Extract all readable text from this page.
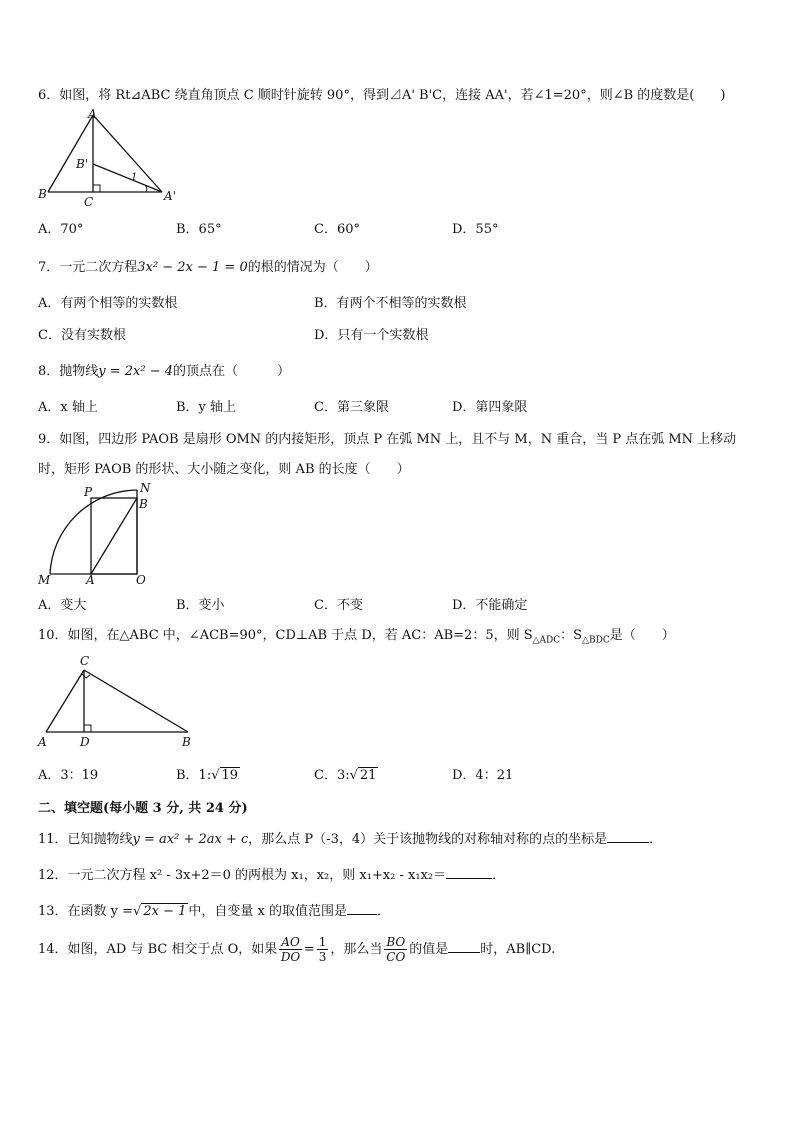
6．如图，将 Rt⊿ABC 绕直角顶点 C 顺时针旋转 90°，得到⊿A' B'C，连接 AA'，若∠1=20°，则∠B 的度数是(　　)
A
B
C
B'
A'
1
A．70°	B．65°	C．60°	D．55°
7．一元二次方程3x² − 2x − 1 = 0的根的情况为（　　）
A．有两个相等的实数根	B．有两个不相等的实数根
C．没有实数根	D．只有一个实数根
8．抛物线y = 2x² − 4的顶点在（　　　）
A．x 轴上	B．y 轴上	C．第三象限	D．第四象限
9．如图，四边形 PAOB 是扇形 OMN 的内接矩形，顶点 P 在弧 MN 上，且不与 M，N 重合，当 P 点在弧 MN 上移动
时，矩形 PAOB 的形状、大小随之变化，则 AB 的长度（　　）
P	N
B
M	A	O
A．变大	B．变小	C．不变	D．不能确定
10．如图，在△ABC 中，∠ACB=90°，CD⊥AB 于点 D，若 AC：AB=2：5，则 $S_{\triangle ADC}$：$S_{\triangle BDC}$是（　　）
C
A	D	B
A．3：19	B．1:√ 19	C．3:√ 21	D．4：21
二、填空题(每小题 3 分, 共 24 分)
11．已知抛物线y = ax² + 2ax + c，那么点 P（-3，4）关于该抛物线的对称轴对称的点的坐标是	．
12．一元二次方程 x² - 3x+2＝0 的两根为 x₁，x₂，则 x₁+x₂ - x₁x₂＝	．
13．在函数 y =√ 2x − 1 中，自变量 x 的取值范围是 ．
14．如图，AD 与 BC 相交于点 O，如果 $\frac{AO}{DO} = \frac{1}{3}$ ，那么当 $\frac{BO}{CO}$ 的值是 时，AB∥CD.
